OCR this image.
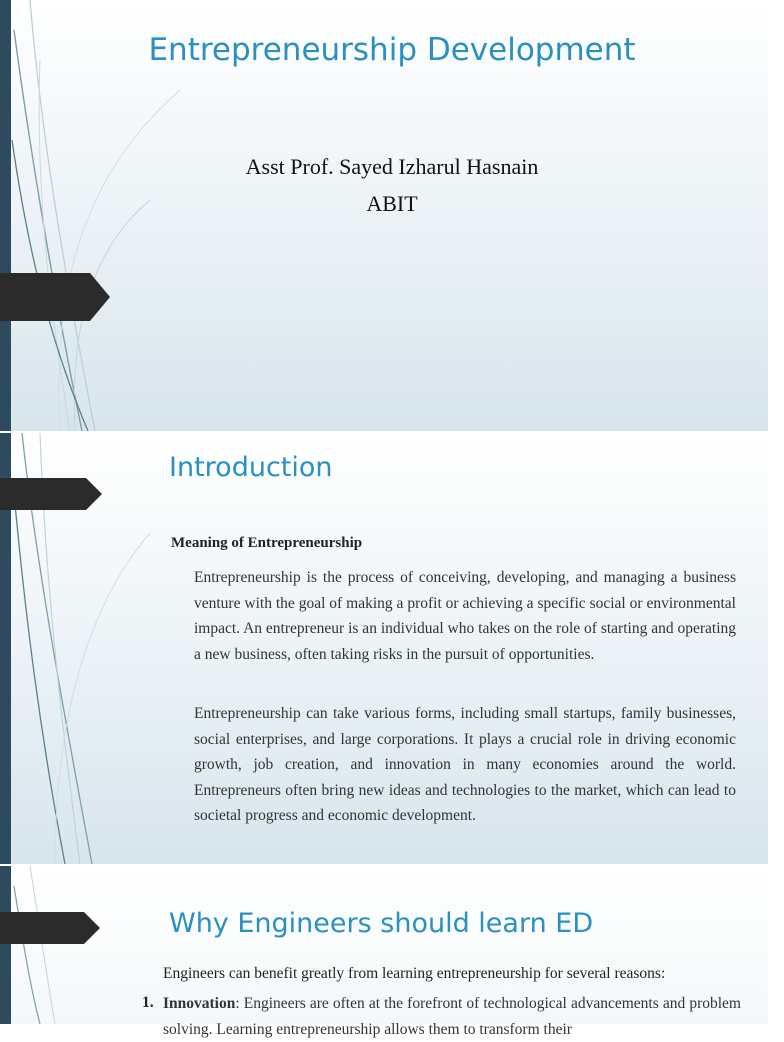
Entrepreneurship Development
Asst Prof. Sayed Izharul Hasnain
ABIT
Introduction
Meaning of Entrepreneurship

Entrepreneurship is the process of conceiving, developing, and managing a business venture with the goal of making a profit or achieving a specific social or environmental impact. An entrepreneur is an individual who takes on the role of starting and operating a new business, often taking risks in the pursuit of opportunities.

Entrepreneurship can take various forms, including small startups, family businesses, social enterprises, and large corporations. It plays a crucial role in driving economic growth, job creation, and innovation in many economies around the world. Entrepreneurs often bring new ideas and technologies to the market, which can lead to societal progress and economic development.

Why Engineers should learn ED
Engineers can benefit greatly from learning entrepreneurship for several reasons:
1. Innovation: Engineers are often at the forefront of technological advancements and problem solving. Learning entrepreneurship allows them to transform their
